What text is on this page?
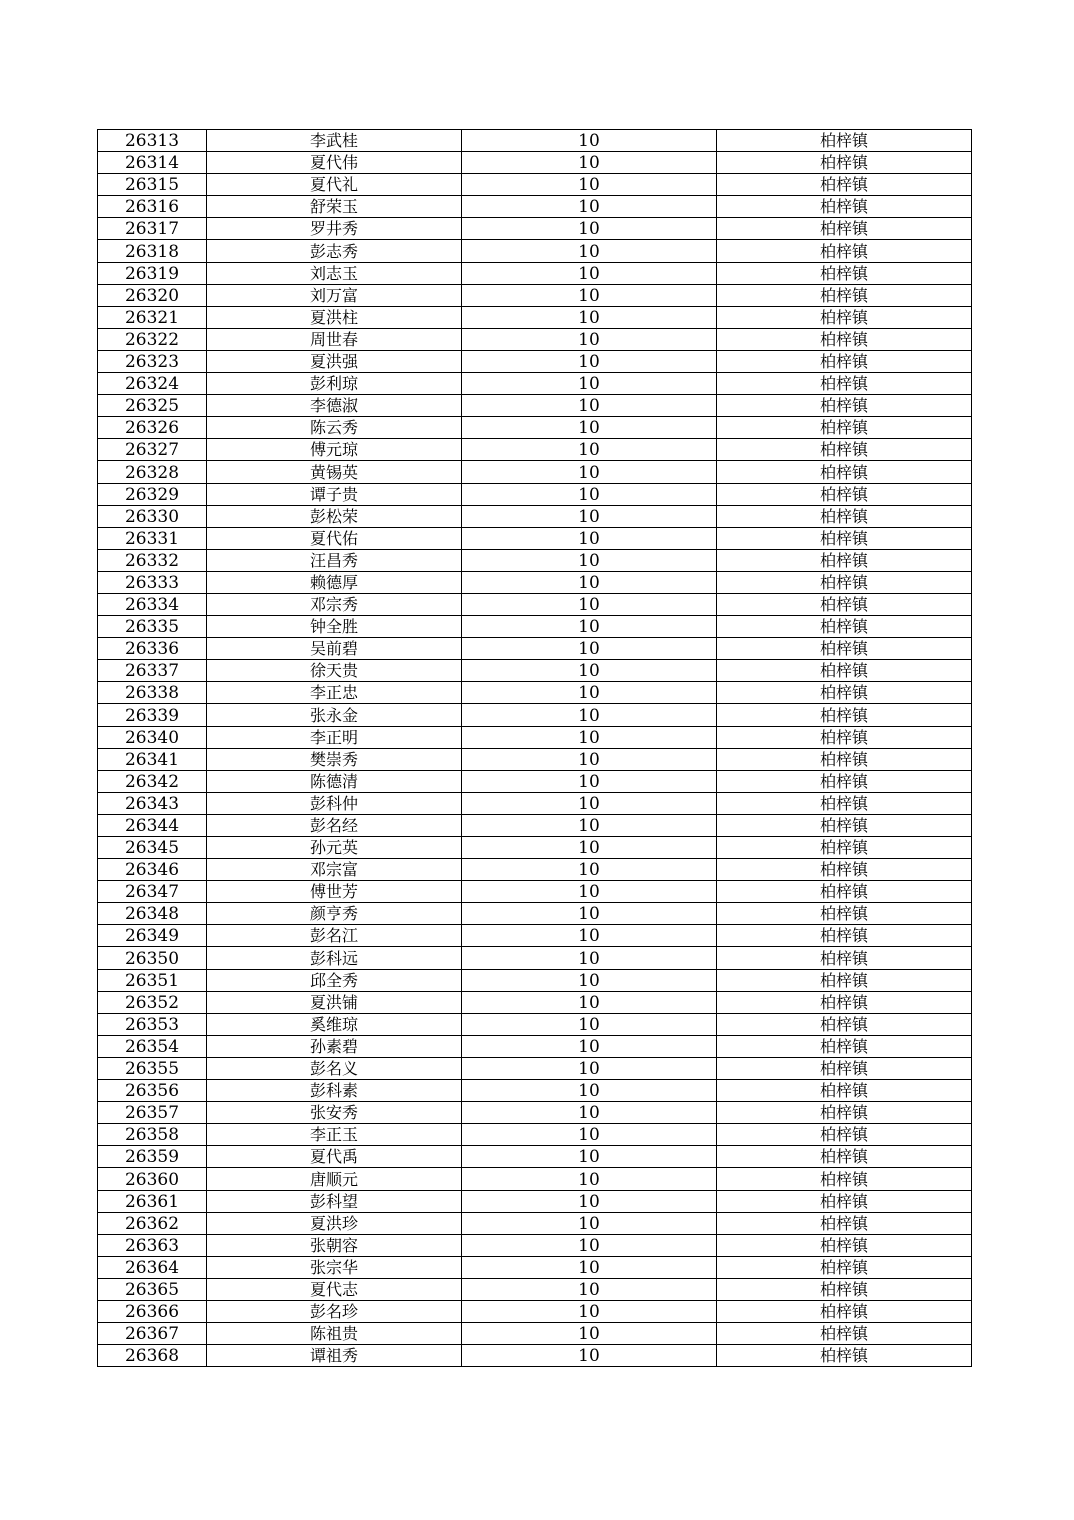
26313	李武桂	10	柏梓镇
26314	夏代伟	10	柏梓镇
26315	夏代礼	10	柏梓镇
26316	舒荣玉	10	柏梓镇
26317	罗井秀	10	柏梓镇
26318	彭志秀	10	柏梓镇
26319	刘志玉	10	柏梓镇
26320	刘万富	10	柏梓镇
26321	夏洪柱	10	柏梓镇
26322	周世春	10	柏梓镇
26323	夏洪强	10	柏梓镇
26324	彭利琼	10	柏梓镇
26325	李德淑	10	柏梓镇
26326	陈云秀	10	柏梓镇
26327	傅元琼	10	柏梓镇
26328	黄锡英	10	柏梓镇
26329	谭子贵	10	柏梓镇
26330	彭松荣	10	柏梓镇
26331	夏代佑	10	柏梓镇
26332	汪昌秀	10	柏梓镇
26333	赖德厚	10	柏梓镇
26334	邓宗秀	10	柏梓镇
26335	钟全胜	10	柏梓镇
26336	吴前碧	10	柏梓镇
26337	徐天贵	10	柏梓镇
26338	李正忠	10	柏梓镇
26339	张永金	10	柏梓镇
26340	李正明	10	柏梓镇
26341	樊崇秀	10	柏梓镇
26342	陈德清	10	柏梓镇
26343	彭科仲	10	柏梓镇
26344	彭名经	10	柏梓镇
26345	孙元英	10	柏梓镇
26346	邓宗富	10	柏梓镇
26347	傅世芳	10	柏梓镇
26348	颜亨秀	10	柏梓镇
26349	彭名江	10	柏梓镇
26350	彭科远	10	柏梓镇
26351	邱全秀	10	柏梓镇
26352	夏洪铺	10	柏梓镇
26353	奚维琼	10	柏梓镇
26354	孙素碧	10	柏梓镇
26355	彭名义	10	柏梓镇
26356	彭科素	10	柏梓镇
26357	张安秀	10	柏梓镇
26358	李正玉	10	柏梓镇
26359	夏代禹	10	柏梓镇
26360	唐顺元	10	柏梓镇
26361	彭科望	10	柏梓镇
26362	夏洪珍	10	柏梓镇
26363	张朝容	10	柏梓镇
26364	张宗华	10	柏梓镇
26365	夏代志	10	柏梓镇
26366	彭名珍	10	柏梓镇
26367	陈祖贵	10	柏梓镇
26368	谭祖秀	10	柏梓镇
